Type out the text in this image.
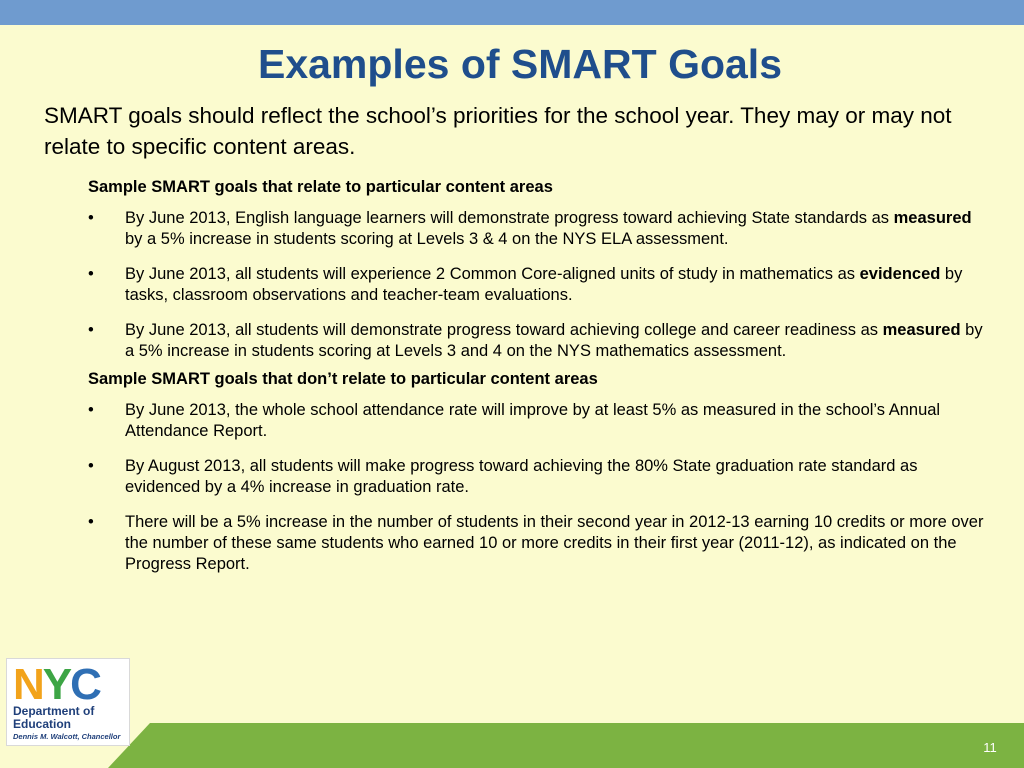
Examples of SMART Goals

SMART goals should reflect the school’s priorities for the school year. They may or may not relate to specific content areas.

Sample SMART goals that relate to particular content areas

• By June 2013, English language learners will demonstrate progress toward achieving State standards as measured by a 5% increase in students scoring at Levels 3 & 4 on the NYS ELA assessment.
• By June 2013, all students will experience 2 Common Core-aligned units of study in mathematics as evidenced by tasks, classroom observations and teacher-team evaluations.
• By June 2013, all students will demonstrate progress toward achieving college and career readiness as measured by a 5% increase in students scoring at Levels 3 and 4 on the NYS mathematics assessment.

Sample SMART goals that don’t relate to particular content areas

• By June 2013, the whole school attendance rate will improve by at least 5% as measured in the school’s Annual Attendance Report.
• By August 2013, all students will make progress toward achieving the 80% State graduation rate standard as evidenced by a 4% increase in graduation rate.
• There will be a 5% increase in the number of students in their second year in 2012-13 earning 10 credits or more over the number of these same students who earned 10 or more credits in their first year (2011-12), as indicated on the Progress Report.
NYC
Department of
Education
Dennis M. Walcott, Chancellor
11
